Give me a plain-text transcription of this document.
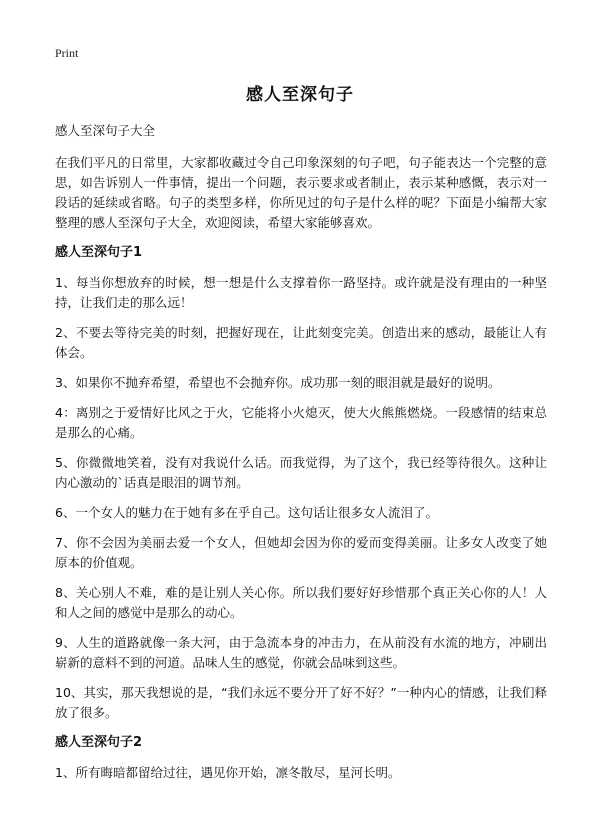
Print
感人至深句子
感人至深句子大全
在我们平凡的日常里，大家都收藏过令自己印象深刻的句子吧，句子能表达一个完整的意思，如告诉别人一件事情，提出一个问题，表示要求或者制止，表示某种感慨，表示对一段话的延续或省略。句子的类型多样，你所见过的句子是什么样的呢？下面是小编帮大家整理的感人至深句子大全，欢迎阅读，希望大家能够喜欢。
感人至深句子1
1、每当你想放弃的时候，想一想是什么支撑着你一路坚持。或许就是没有理由的一种坚持，让我们走的那么远！
2、不要去等待完美的时刻，把握好现在，让此刻变完美。创造出来的感动，最能让人有体会。
3、如果你不抛弃希望，希望也不会抛弃你。成功那一刻的眼泪就是最好的说明。
4：离别之于爱情好比风之于火，它能将小火熄灭，使大火熊熊燃烧。一段感情的结束总是那么的心痛。
5、你微微地笑着，没有对我说什么话。而我觉得，为了这个，我已经等待很久。这种让内心激动的`话真是眼泪的调节剂。
6、一个女人的魅力在于她有多在乎自己。这句话让很多女人流泪了。
7、你不会因为美丽去爱一个女人，但她却会因为你的爱而变得美丽。让多女人改变了她原本的价值观。
8、关心别人不难，难的是让别人关心你。所以我们要好好珍惜那个真正关心你的人！人和人之间的感觉中是那么的动心。
9、人生的道路就像一条大河，由于急流本身的冲击力，在从前没有水流的地方，冲刷出崭新的意料不到的河道。品味人生的感觉，你就会品味到这些。
10、其实，那天我想说的是，“我们永远不要分开了好不好？”一种内心的情感，让我们释放了很多。
感人至深句子2
1、所有晦暗都留给过往，遇见你开始，凛冬散尽，星河长明。
